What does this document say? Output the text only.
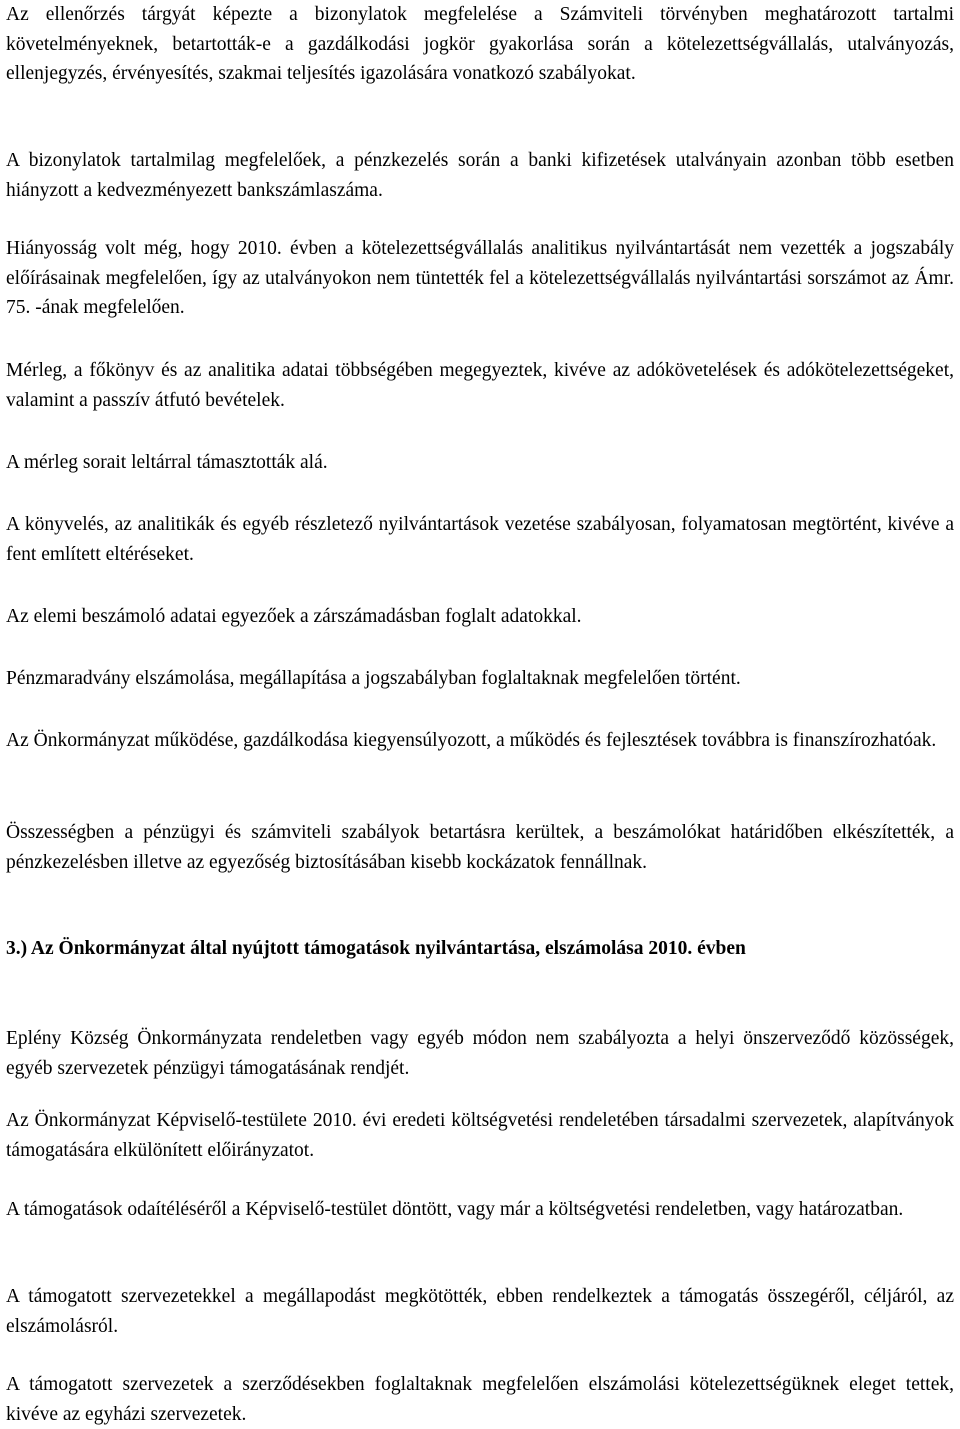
Az ellenőrzés tárgyát képezte a bizonylatok megfelelése a Számviteli törvényben meghatározott tartalmi követelményeknek, betartották-e a gazdálkodási jogkör gyakorlása során a kötelezettségvállalás, utalványozás, ellenjegyzés, érvényesítés, szakmai teljesítés igazolására vonatkozó szabályokat.

A bizonylatok tartalmilag megfelelőek, a pénzkezelés során a banki kifizetések utalványain azonban több esetben hiányzott a kedvezményezett bankszámlaszáma.

Hiányosság volt még, hogy 2010. évben a kötelezettségvállalás analitikus nyilvántartását nem vezették a jogszabály előírásainak megfelelően, így az utalványokon nem tüntették fel a kötelezettségvállalás nyilvántartási sorszámot az Ámr. 75. -ának megfelelően.

Mérleg, a főkönyv és az analitika adatai többségében megegyeztek, kivéve az adókövetelések és adókötelezettségeket, valamint a passzív átfutó bevételek.

A mérleg sorait leltárral támasztották alá.

A könyvelés, az analitikák és egyéb részletező nyilvántartások vezetése szabályosan, folyamatosan megtörtént, kivéve a fent említett eltéréseket.

Az elemi beszámoló adatai egyezőek a zárszámadásban foglalt adatokkal.

Pénzmaradvány elszámolása, megállapítása a jogszabályban foglaltaknak megfelelően történt.

Az Önkormányzat működése, gazdálkodása kiegyensúlyozott, a működés és fejlesztések továbbra is finanszírozhatóak.

Összességben a pénzügyi és számviteli szabályok betartásra kerültek, a beszámolókat határidőben elkészítették, a pénzkezelésben illetve az egyezőség biztosításában kisebb kockázatok fennállnak.

3.) Az Önkormányzat által nyújtott támogatások nyilvántartása, elszámolása 2010. évben

Eplény Község Önkormányzata rendeletben vagy egyéb módon nem szabályozta a helyi önszerveződő közösségek, egyéb szervezetek pénzügyi támogatásának rendjét.

Az Önkormányzat Képviselő-testülete 2010. évi eredeti költségvetési rendeletében társadalmi szervezetek, alapítványok támogatására elkülönített előirányzatot.

A támogatások odaítéléséről a Képviselő-testület döntött, vagy már a költségvetési rendeletben, vagy határozatban.

A támogatott szervezetekkel a megállapodást megkötötték, ebben rendelkeztek a támogatás összegéről, céljáról, az elszámolásról.

A támogatott szervezetek a szerződésekben foglaltaknak megfelelően elszámolási kötelezettségüknek eleget tettek, kivéve az egyházi szervezetek.
